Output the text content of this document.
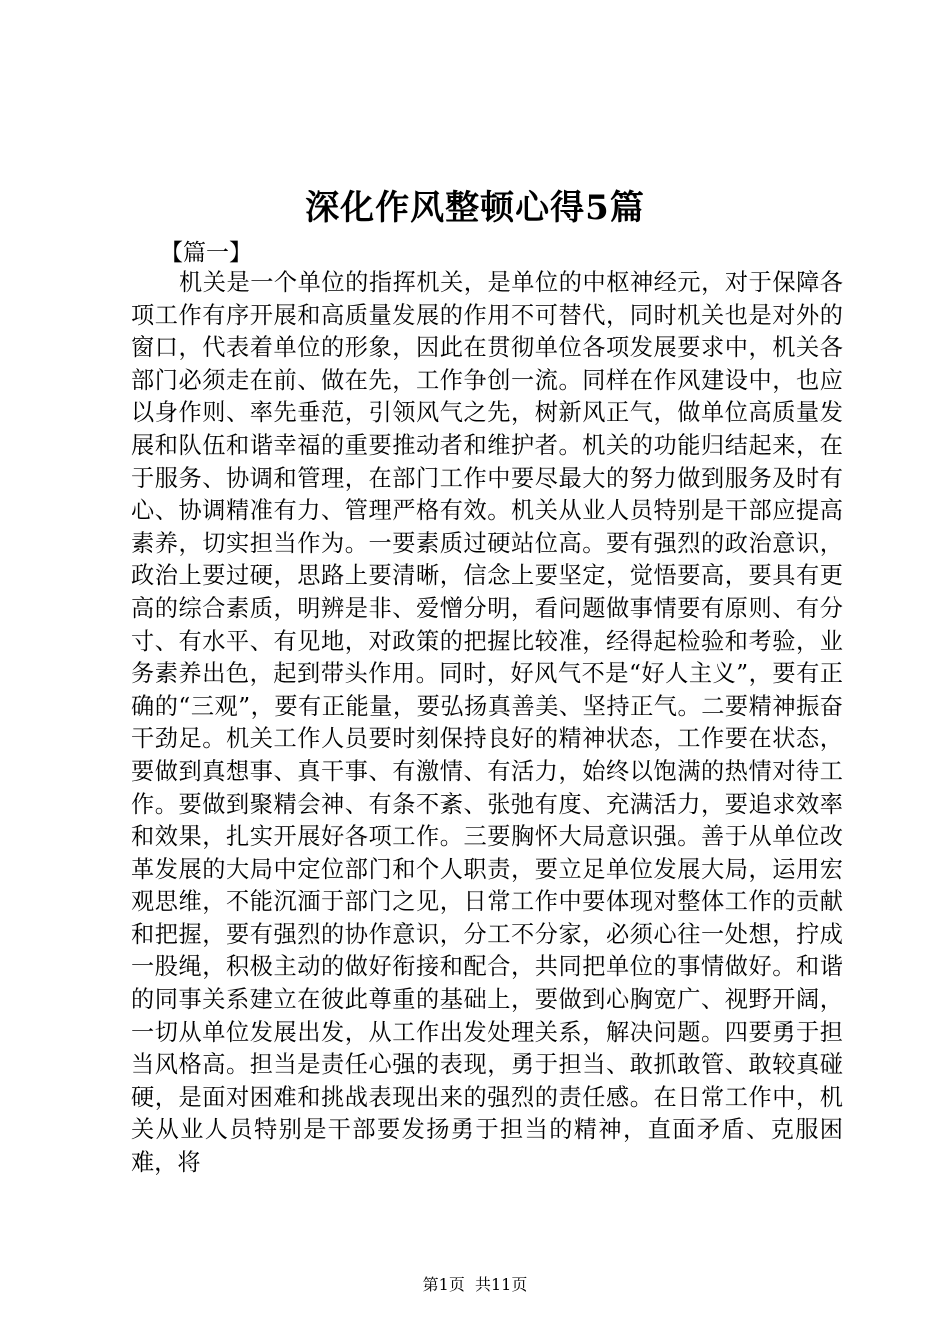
深化作风整顿心得5篇
【篇一】

机关是一个单位的指挥机关，是单位的中枢神经元，对于保障各项工作有序开展和高质量发展的作用不可替代，同时机关也是对外的窗口，代表着单位的形象，因此在贯彻单位各项发展要求中，机关各部门必须走在前、做在先，工作争创一流。同样在作风建设中，也应以身作则、率先垂范，引领风气之先，树新风正气，做单位高质量发展和队伍和谐幸福的重要推动者和维护者。机关的功能归结起来，在于服务、协调和管理，在部门工作中要尽最大的努力做到服务及时有心、协调精准有力、管理严格有效。机关从业人员特别是干部应提高素养，切实担当作为。一要素质过硬站位高。要有强烈的政治意识，政治上要过硬，思路上要清晰，信念上要坚定，觉悟要高，要具有更高的综合素质，明辨是非、爱憎分明，看问题做事情要有原则、有分寸、有水平、有见地，对政策的把握比较准，经得起检验和考验，业务素养出色，起到带头作用。同时，好风气不是“好人主义”，要有正确的“三观”，要有正能量，要弘扬真善美、坚持正气。二要精神振奋干劲足。机关工作人员要时刻保持良好的精神状态，工作要在状态，要做到真想事、真干事、有激情、有活力，始终以饱满的热情对待工作。要做到聚精会神、有条不紊、张弛有度、充满活力，要追求效率和效果，扎实开展好各项工作。三要胸怀大局意识强。善于从单位改革发展的大局中定位部门和个人职责，要立足单位发展大局，运用宏观思维，不能沉湎于部门之见，日常工作中要体现对整体工作的贡献和把握，要有强烈的协作意识，分工不分家，必须心往一处想，拧成一股绳，积极主动的做好衔接和配合，共同把单位的事情做好。和谐的同事关系建立在彼此尊重的基础上，要做到心胸宽广、视野开阔，一切从单位发展出发，从工作出发处理关系，解决问题。四要勇于担当风格高。担当是责任心强的表现，勇于担当、敢抓敢管、敢较真碰硬，是面对困难和挑战表现出来的强烈的责任感。在日常工作中，机关从业人员特别是干部要发扬勇于担当的精神，直面矛盾、克服困难，将

第1页  共11页
